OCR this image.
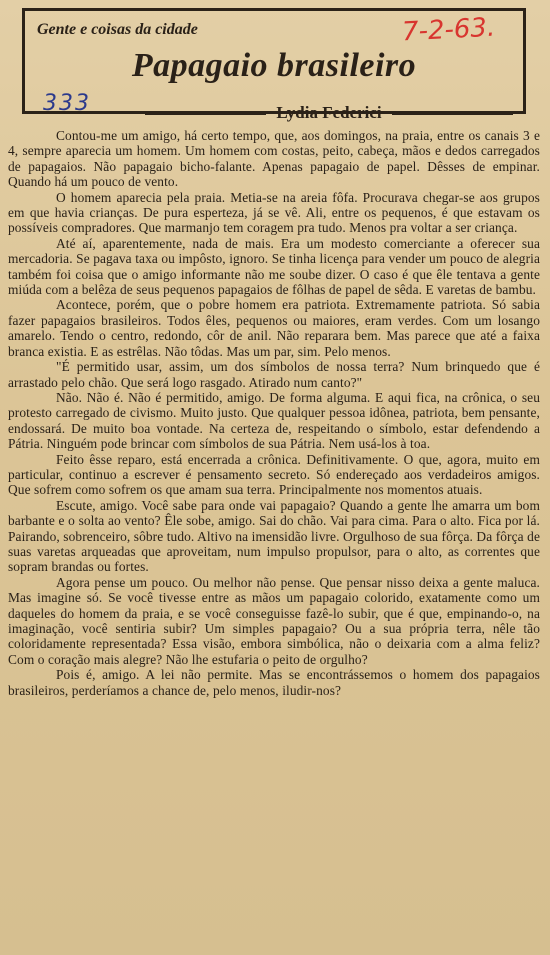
Gente e coisas da cidade	7-2-63.
Papagaio brasileiro
333	Lydia Federici

Contou-me um amigo, há certo tempo, que, aos domingos, na praia, entre os canais 3 e 4, sempre aparecia um homem. Um homem com costas, peito, cabeça, mãos e dedos carregados de papagaios. Não papagaio bicho-falante. Apenas papagaio de papel. Dêsses de empinar. Quando há um pouco de vento.

O homem aparecia pela praia. Metia-se na areia fôfa. Procurava chegar-se aos grupos em que havia crianças. De pura esperteza, já se vê. Ali, entre os pequenos, é que estavam os possíveis compradores. Que marmanjo tem coragem pra tudo. Menos pra voltar a ser criança.

Até aí, aparentemente, nada de mais. Era um modesto comerciante a oferecer sua mercadoria. Se pagava taxa ou impôsto, ignoro. Se tinha licença para vender um pouco de alegria também foi coisa que o amigo informante não me soube dizer. O caso é que êle tentava a gente miúda com a belêza de seus pequenos papagaios de fôlhas de papel de sêda. E varetas de bambu.

Acontece, porém, que o pobre homem era patriota. Extremamente patriota. Só sabia fazer papagaios brasileiros. Todos êles, pequenos ou maiores, eram verdes. Com um losango amarelo. Tendo o centro, redondo, côr de anil. Não reparara bem. Mas parece que até a faixa branca existia. E as estrêlas. Não tôdas. Mas um par, sim. Pelo menos.

"É permitido usar, assim, um dos símbolos de nossa terra? Num brinquedo que é arrastado pelo chão. Que será logo rasgado. Atirado num canto?"

Não. Não é. Não é permitido, amigo. De forma alguma. E aqui fica, na crônica, o seu protesto carregado de civismo. Muito justo. Que qualquer pessoa idônea, patriota, bem pensante, endossará. De muito boa vontade. Na certeza de, respeitando o símbolo, estar defendendo a Pátria. Ninguém pode brincar com símbolos de sua Pátria. Nem usá-los à toa.

Feito êsse reparo, está encerrada a crônica. Definitivamente. O que, agora, muito em particular, continuo a escrever é pensamento secreto. Só endereçado aos verdadeiros amigos. Que sofrem como sofrem os que amam sua terra. Principalmente nos momentos atuais.

Escute, amigo. Você sabe para onde vai papagaio? Quando a gente lhe amarra um bom barbante e o solta ao vento? Êle sobe, amigo. Sai do chão. Vai para cima. Para o alto. Fica por lá. Pairando, sobrenceiro, sôbre tudo. Altivo na imensidão livre. Orgulhoso de sua fôrça. Da fôrça de suas varetas arqueadas que aproveitam, num impulso propulsor, para o alto, as correntes que sopram brandas ou fortes.

Agora pense um pouco. Ou melhor não pense. Que pensar nisso deixa a gente maluca. Mas imagine só. Se você tivesse entre as mãos um papagaio colorido, exatamente como um daqueles do homem da praia, e se você conseguisse fazê-lo subir, que é que, empinando-o, na imaginação, você sentiria subir? Um simples papagaio? Ou a sua própria terra, nêle tão coloridamente representada? Essa visão, embora simbólica, não o deixaria com a alma feliz? Com o coração mais alegre? Não lhe estufaria o peito de orgulho?

Pois é, amigo. A lei não permite. Mas se encontrássemos o homem dos papagaios brasileiros, perderíamos a chance de, pelo menos, iludir-nos?
